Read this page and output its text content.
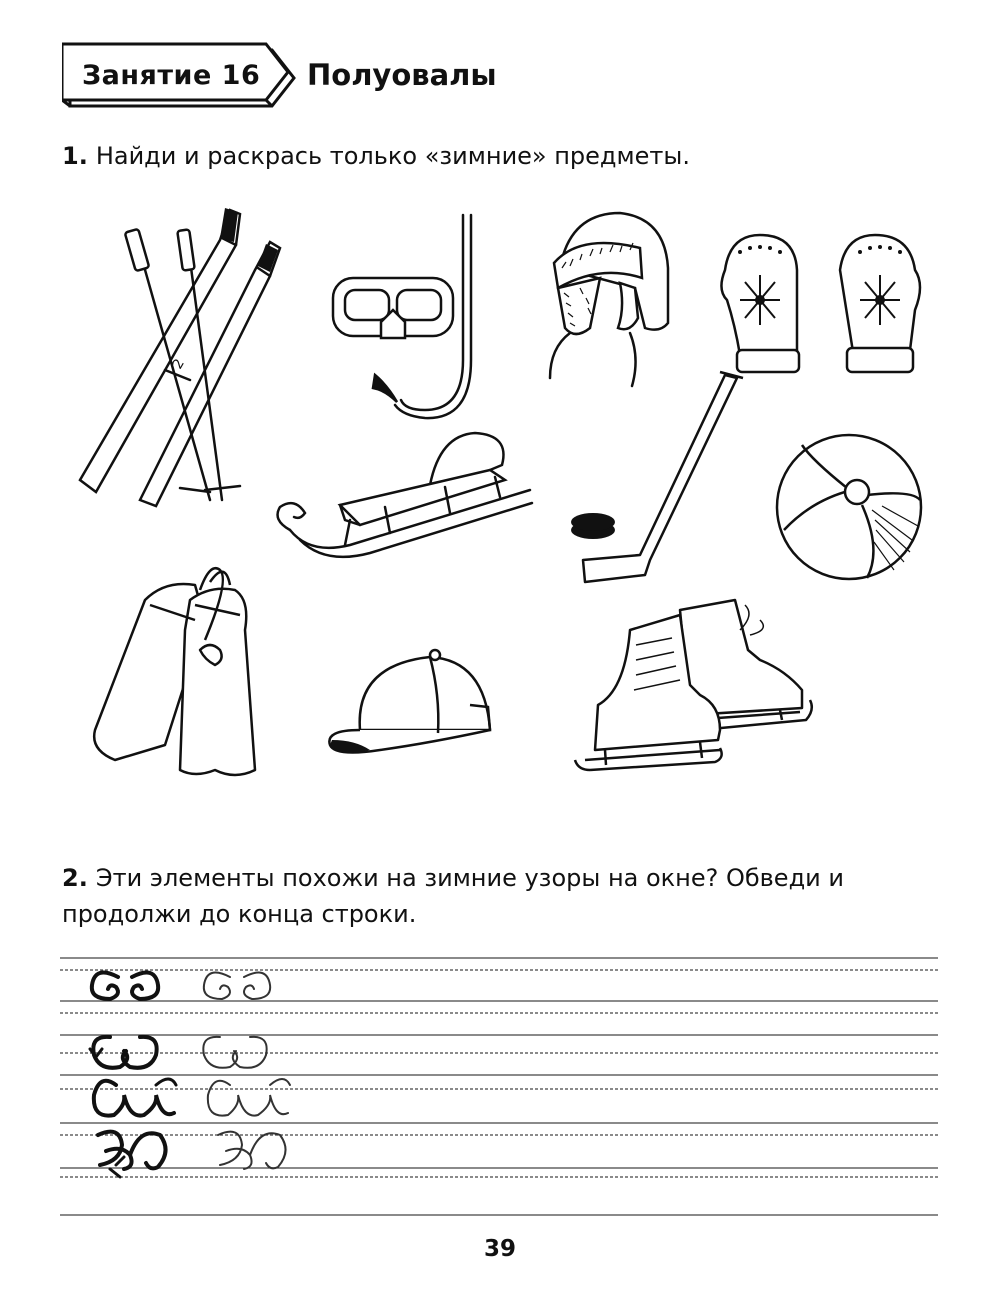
Занятие 16 Полуовалы
1. Найди и раскрась только «зимние» предметы.
2
2. Эти элементы похожи на зимние узоры на окне? Обведи и продолжи до конца строки.
39
